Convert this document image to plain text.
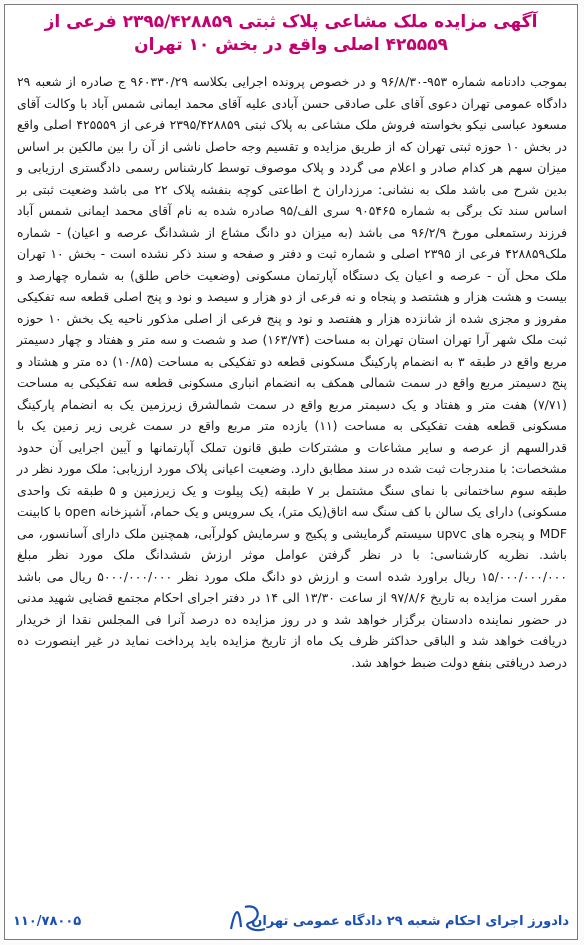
آگهی مزایده ملک مشاعی پلاک ثبتی ۲۳۹۵/۴۲۸۸۵۹ فرعی از ۴۲۵۵۵۹ اصلی واقع در بخش ۱۰ تهران

بموجب دادنامه شماره ۹۵۳-۹۶/۸/۳۰ و در خصوص پرونده اجرایی بکلاسه ۹۶۰۳۳۰/۲۹ ج صادره از شعبه ۲۹ دادگاه عمومی تهران دعوی آقای علی صادقی حسن آبادی علیه آقای محمد ایمانی شمس آباد با وکالت آقای مسعود عباسی نیکو بخواسته فروش ملک مشاعی به پلاک ثبتی ۲۳۹۵/۴۲۸۸۵۹ فرعی از ۴۲۵۵۵۹ اصلی واقع در بخش ۱۰ حوزه ثبتی تهران که از طریق مزایده و تقسیم وجه حاصل ناشی از آن را بین مالکین بر اساس میزان سهم هر کدام صادر و اعلام می گردد و پلاک موصوف توسط کارشناس رسمی دادگستری ارزیابی و بدین شرح می باشد ملک به نشانی: مرزداران خ اطاعتی کوچه بنفشه پلاک ۲۲ می باشد وضعیت ثبتی بر اساس سند تک برگی به شماره ۹۰۵۴۶۵ سری الف/۹۵ صادره شده به نام آقای محمد ایمانی شمس آباد فرزند رستمعلی مورخ ۹۶/۲/۹ می باشد (به میزان دو دانگ مشاع از ششدانگ عرصه و اعیان) - شماره ملک۴۲۸۸۵۹ فرعی از ۲۳۹۵ اصلی و شماره ثبت و دفتر و صفحه و سند ذکر نشده است - بخش ۱۰ تهران ملک محل آن - عرصه و اعیان یک دستگاه آپارتمان مسکونی (وضعیت خاص طلق) به شماره چهارصد و بیست و هشت هزار و هشتصد و پنجاه و نه فرعی از دو هزار و سیصد و نود و پنج اصلی قطعه سه تفکیکی مفروز و مجزی شده از شانزده هزار و هفتصد و نود و پنج فرعی از اصلی مذکور ناحیه یک بخش ۱۰ حوزه ثبت ملک شهر آرا تهران استان تهران به مساحت (۱۶۳/۷۴) صد و شصت و سه متر و هفتاد و چهار دسیمتر مربع واقع در طبقه ۳ به انضمام پارکینگ مسکونی قطعه دو تفکیکی به مساحت (۱۰/۸۵) ده متر و هشتاد و پنج دسیمتر مربع واقع در سمت شمالی همکف به انضمام انباری مسکونی قطعه سه تفکیکی به مساحت (۷/۷۱) هفت متر و هفتاد و یک دسیمتر مربع واقع در سمت شمالشرق زیرزمین یک به انضمام پارکینگ مسکونی قطعه هفت تفکیکی به مساحت (۱۱) یازده متر مربع واقع در سمت غربی زیر زمین یک با قدرالسهم از عرصه و سایر مشاعات و مشترکات طبق قانون تملک آپارتمانها و آیین اجرایی آن حدود مشخصات: با مندرجات ثبت شده در سند مطابق دارد. وضعیت اعیانی پلاک مورد ارزیابی: ملک مورد نظر در طبقه سوم ساختمانی با نمای سنگ مشتمل بر ۷ طبقه (یک پیلوت و یک زیرزمین و ۵ طبقه تک واحدی مسکونی) دارای یک سالن با کف سنگ سه اتاق(یک متر)، یک سرویس و یک حمام، آشپزخانه open با کابینت MDF و پنجره های upvc سیستم گرمایشی و پکیج و سرمایش کولرآبی، همچنین ملک دارای آسانسور، می باشد. نظریه کارشناسی: با در نظر گرفتن عوامل موثر ارزش ششدانگ ملک مورد نظر مبلغ ۱۵/۰۰۰/۰۰۰/۰۰۰ ریال براورد شده است و ارزش دو دانگ ملک مورد نظر ۵۰۰۰/۰۰۰/۰۰۰ ریال می باشد مقرر است مزایده به تاریخ ۹۷/۸/۶ از ساعت ۱۳/۳۰ الی ۱۴ در دفتر اجرای احکام مجتمع قضایی شهید مدنی در حضور نماینده دادستان برگزار خواهد شد و در روز مزایده ده درصد آنرا فی المجلس نقدا از خریدار دریافت خواهد شد و الباقی حداکثر ظرف یک ماه از تاریخ مزایده باید پرداخت نماید در غیر اینصورت ده درصد دریافتی بنفع دولت ضبط خواهد شد.

دادورز اجرای احکام شعبه ۲۹ دادگاه عمومی تهران
۱۱۰/۷۸۰۰۵
